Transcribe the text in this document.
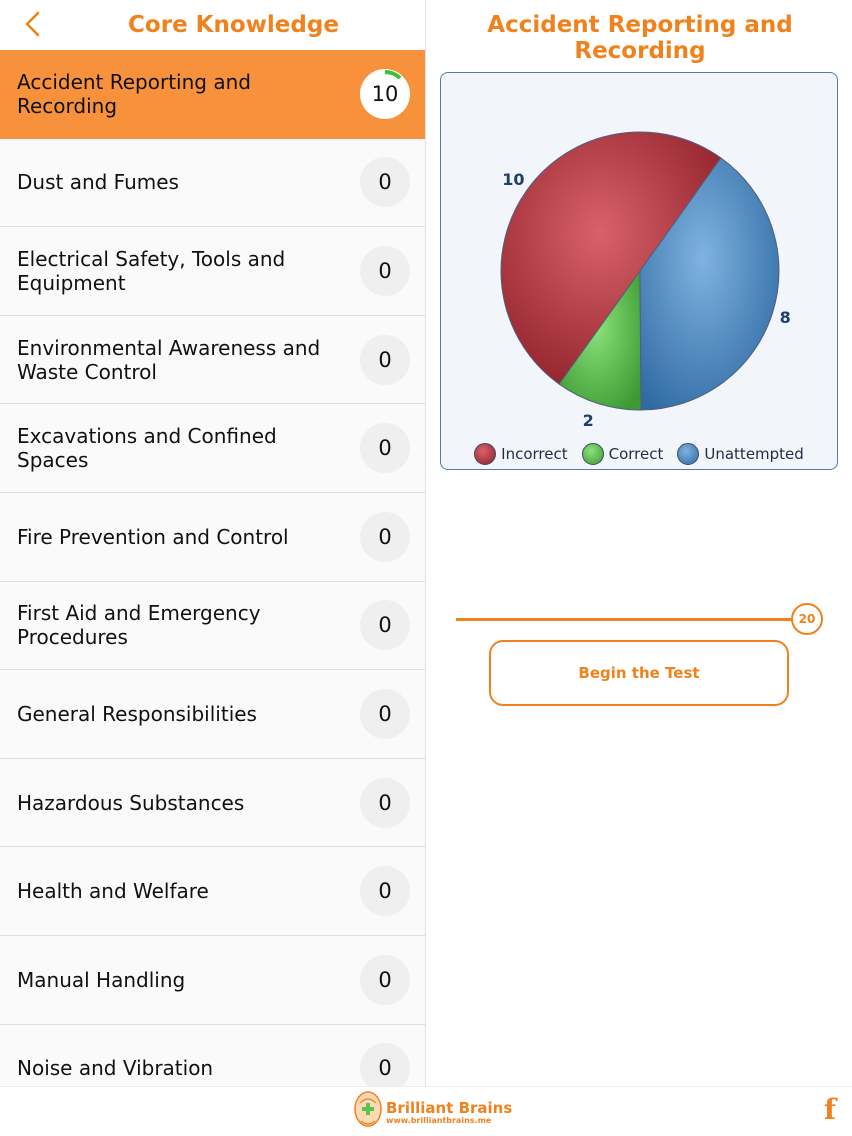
Core Knowledge
Accident Reporting and Recording	10
Dust and Fumes	0
Electrical Safety, Tools and Equipment	0
Environmental Awareness and Waste Control	0
Excavations and Confined Spaces	0
Fire Prevention and Control	0
First Aid and Emergency Procedures	0
General Responsibilities	0
Hazardous Substances	0
Health and Welfare	0
Manual Handling	0
Noise and Vibration	0
Accident Reporting and Recording
10
2
8
Incorrect	Correct	Unattempted
20
Begin the Test
Brilliant Brains
www.brilliantbrains.me	f
